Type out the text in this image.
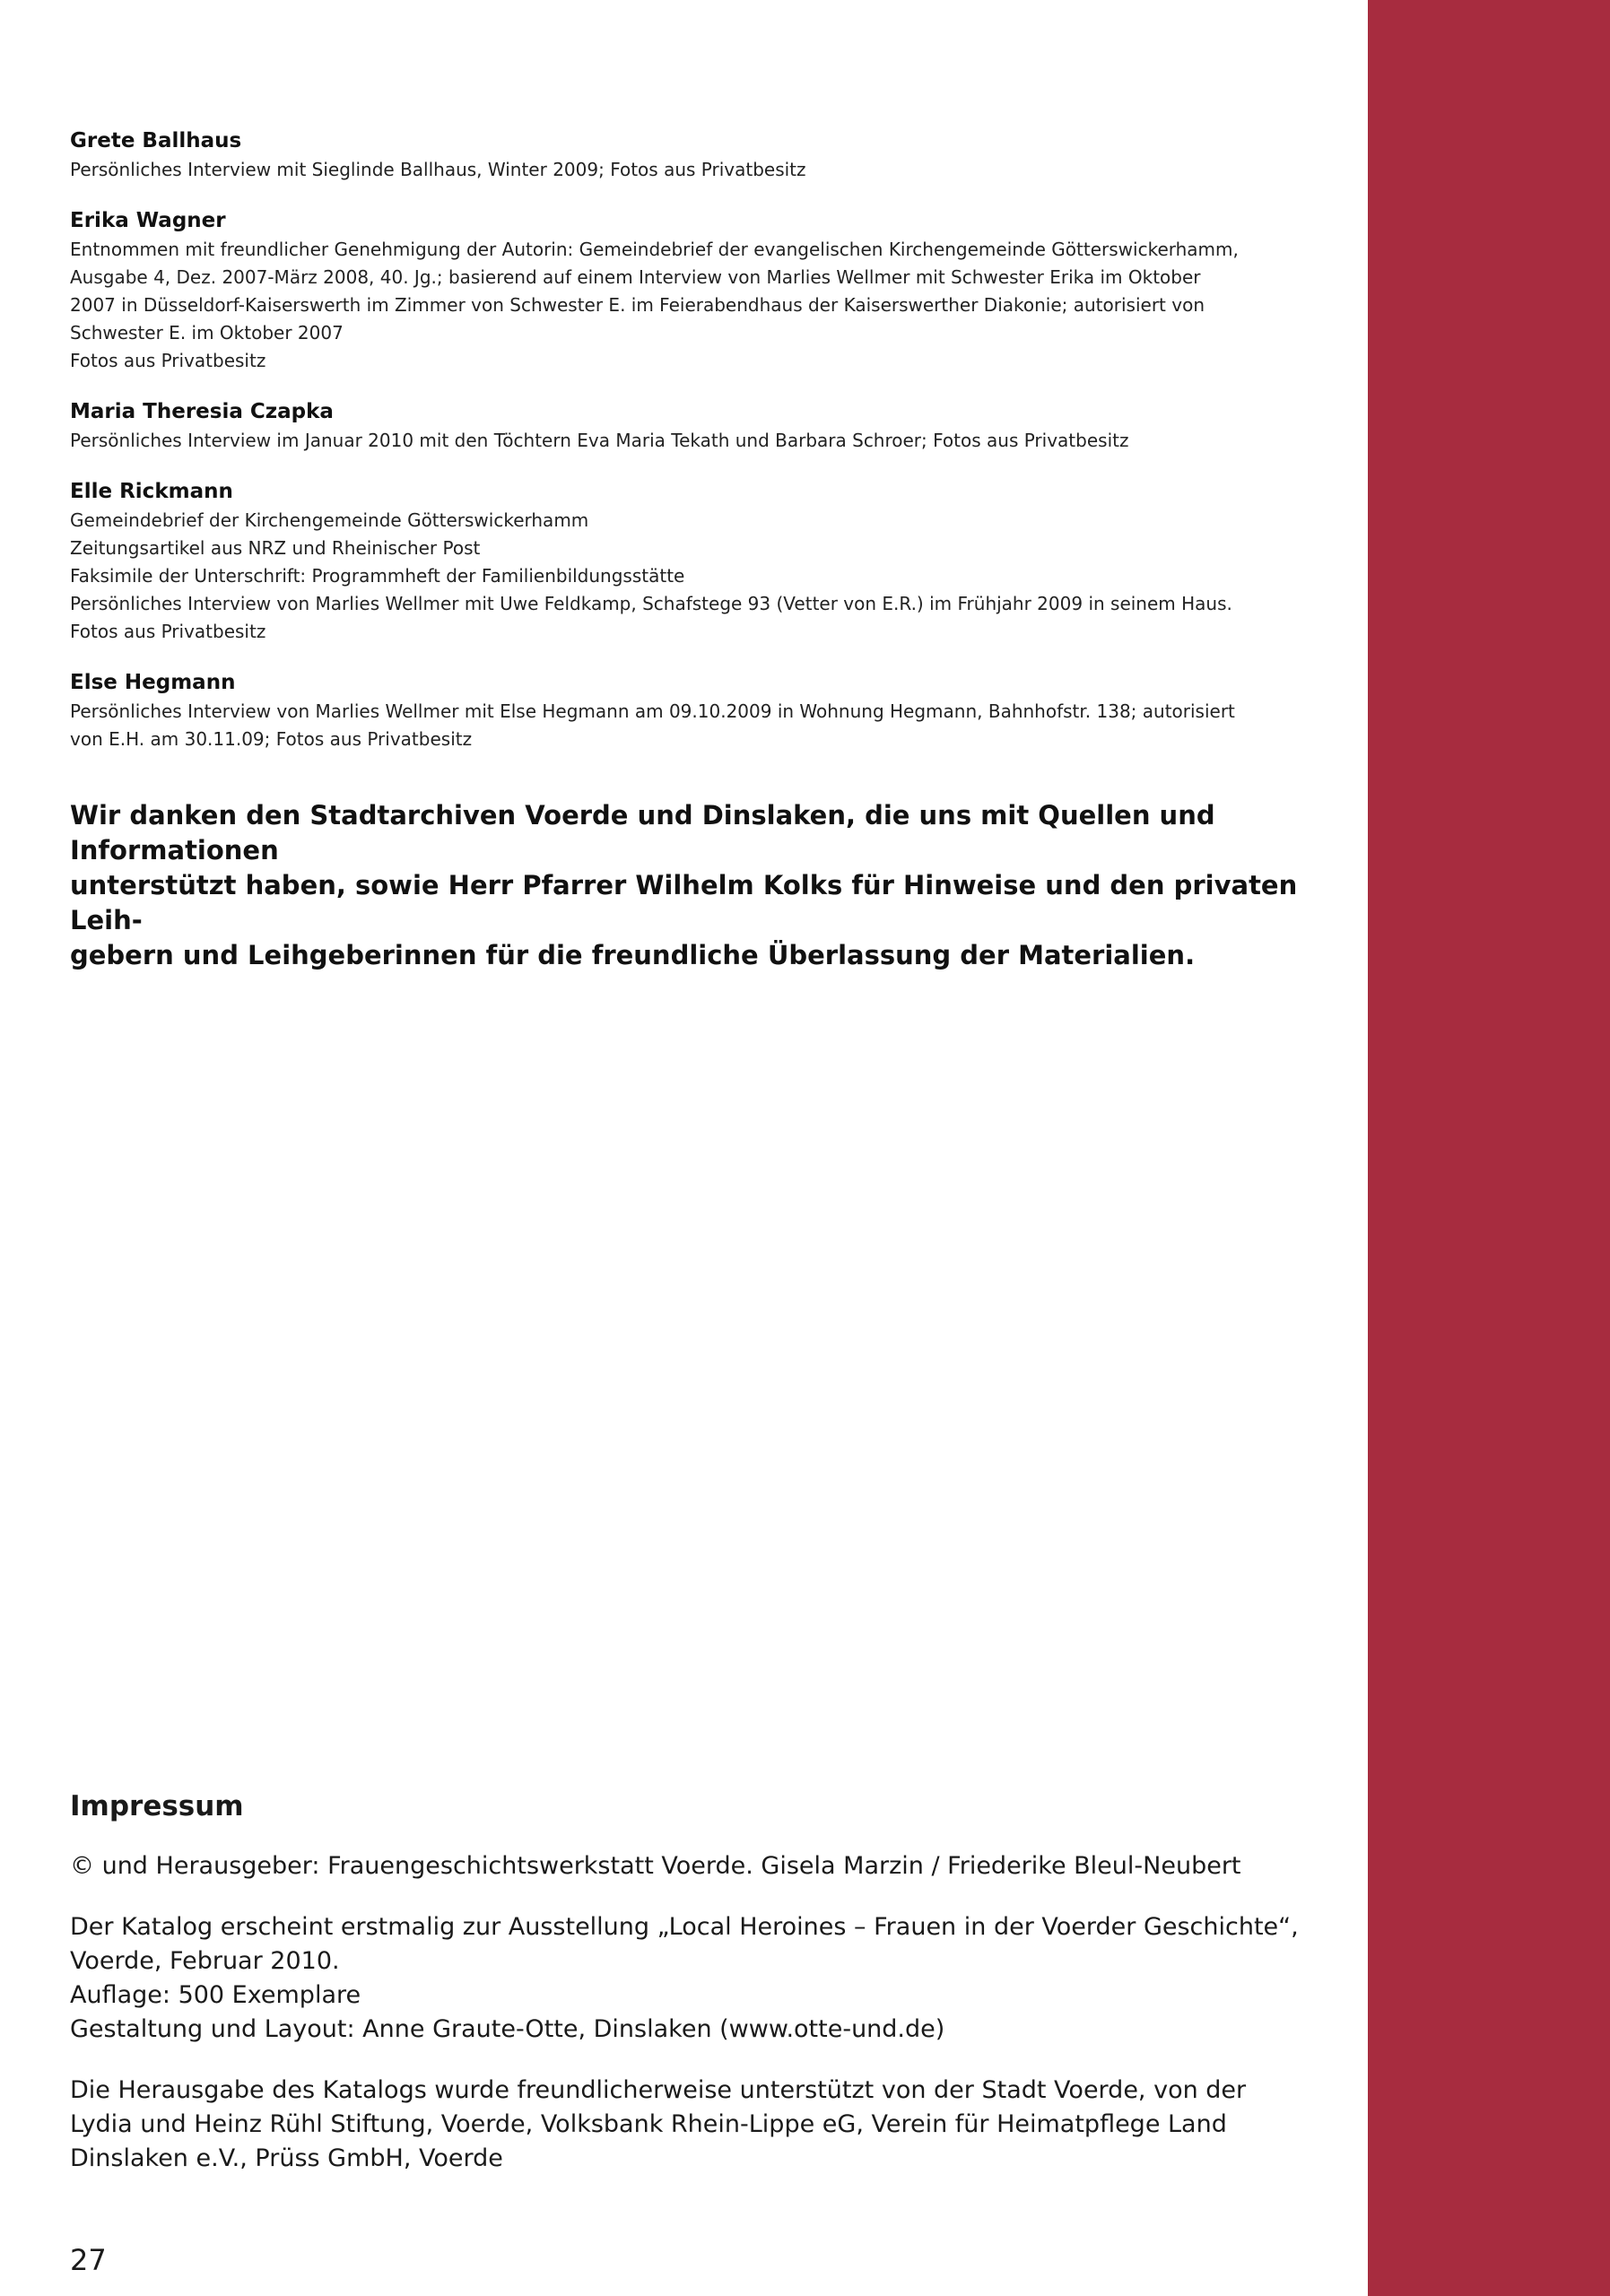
Grete Ballhaus
Persönliches Interview mit Sieglinde Ballhaus, Winter 2009; Fotos aus Privatbesitz
Erika Wagner
Entnommen mit freundlicher Genehmigung der Autorin: Gemeindebrief der evangelischen Kirchengemeinde Götterswickerhamm,
Ausgabe 4, Dez. 2007-März 2008, 40. Jg.; basierend auf einem Interview von Marlies Wellmer mit Schwester Erika im Oktober
2007 in Düsseldorf-Kaiserswerth im Zimmer von Schwester E. im Feierabendhaus der Kaiserswerther Diakonie; autorisiert von
Schwester E. im Oktober 2007
Fotos aus Privatbesitz
Maria Theresia Czapka
Persönliches Interview im Januar 2010 mit den Töchtern Eva Maria Tekath und Barbara Schroer; Fotos aus Privatbesitz
Elle Rickmann
Gemeindebrief der Kirchengemeinde Götterswickerhamm
Zeitungsartikel aus NRZ und Rheinischer Post
Faksimile der Unterschrift: Programmheft der Familienbildungsstätte
Persönliches Interview von Marlies Wellmer mit Uwe Feldkamp, Schafstege 93 (Vetter von E.R.) im Frühjahr 2009 in seinem Haus.
Fotos aus Privatbesitz
Else Hegmann
Persönliches Interview von Marlies Wellmer mit Else Hegmann am 09.10.2009 in Wohnung Hegmann, Bahnhofstr. 138; autorisiert
von E.H. am 30.11.09; Fotos aus Privatbesitz
Wir danken den Stadtarchiven Voerde und Dinslaken, die uns mit Quellen und Informationen
unterstützt haben, sowie Herr Pfarrer Wilhelm Kolks für Hinweise und den privaten Leih-
gebern und Leihgeberinnen für die freundliche Überlassung der Materialien.
Impressum
© und Herausgeber: Frauengeschichtswerkstatt Voerde. Gisela Marzin / Friederike Bleul-Neubert
Der Katalog erscheint erstmalig zur Ausstellung „Local Heroines – Frauen in der Voerder Geschichte“,
Voerde, Februar 2010.
Auflage: 500 Exemplare
Gestaltung und Layout: Anne Graute-Otte, Dinslaken (www.otte-und.de)
Die Herausgabe des Katalogs wurde freundlicherweise unterstützt von der Stadt Voerde, von der
Lydia und Heinz Rühl Stiftung, Voerde, Volksbank Rhein-Lippe eG, Verein für Heimatpflege Land
Dinslaken e.V., Prüss GmbH, Voerde
27
